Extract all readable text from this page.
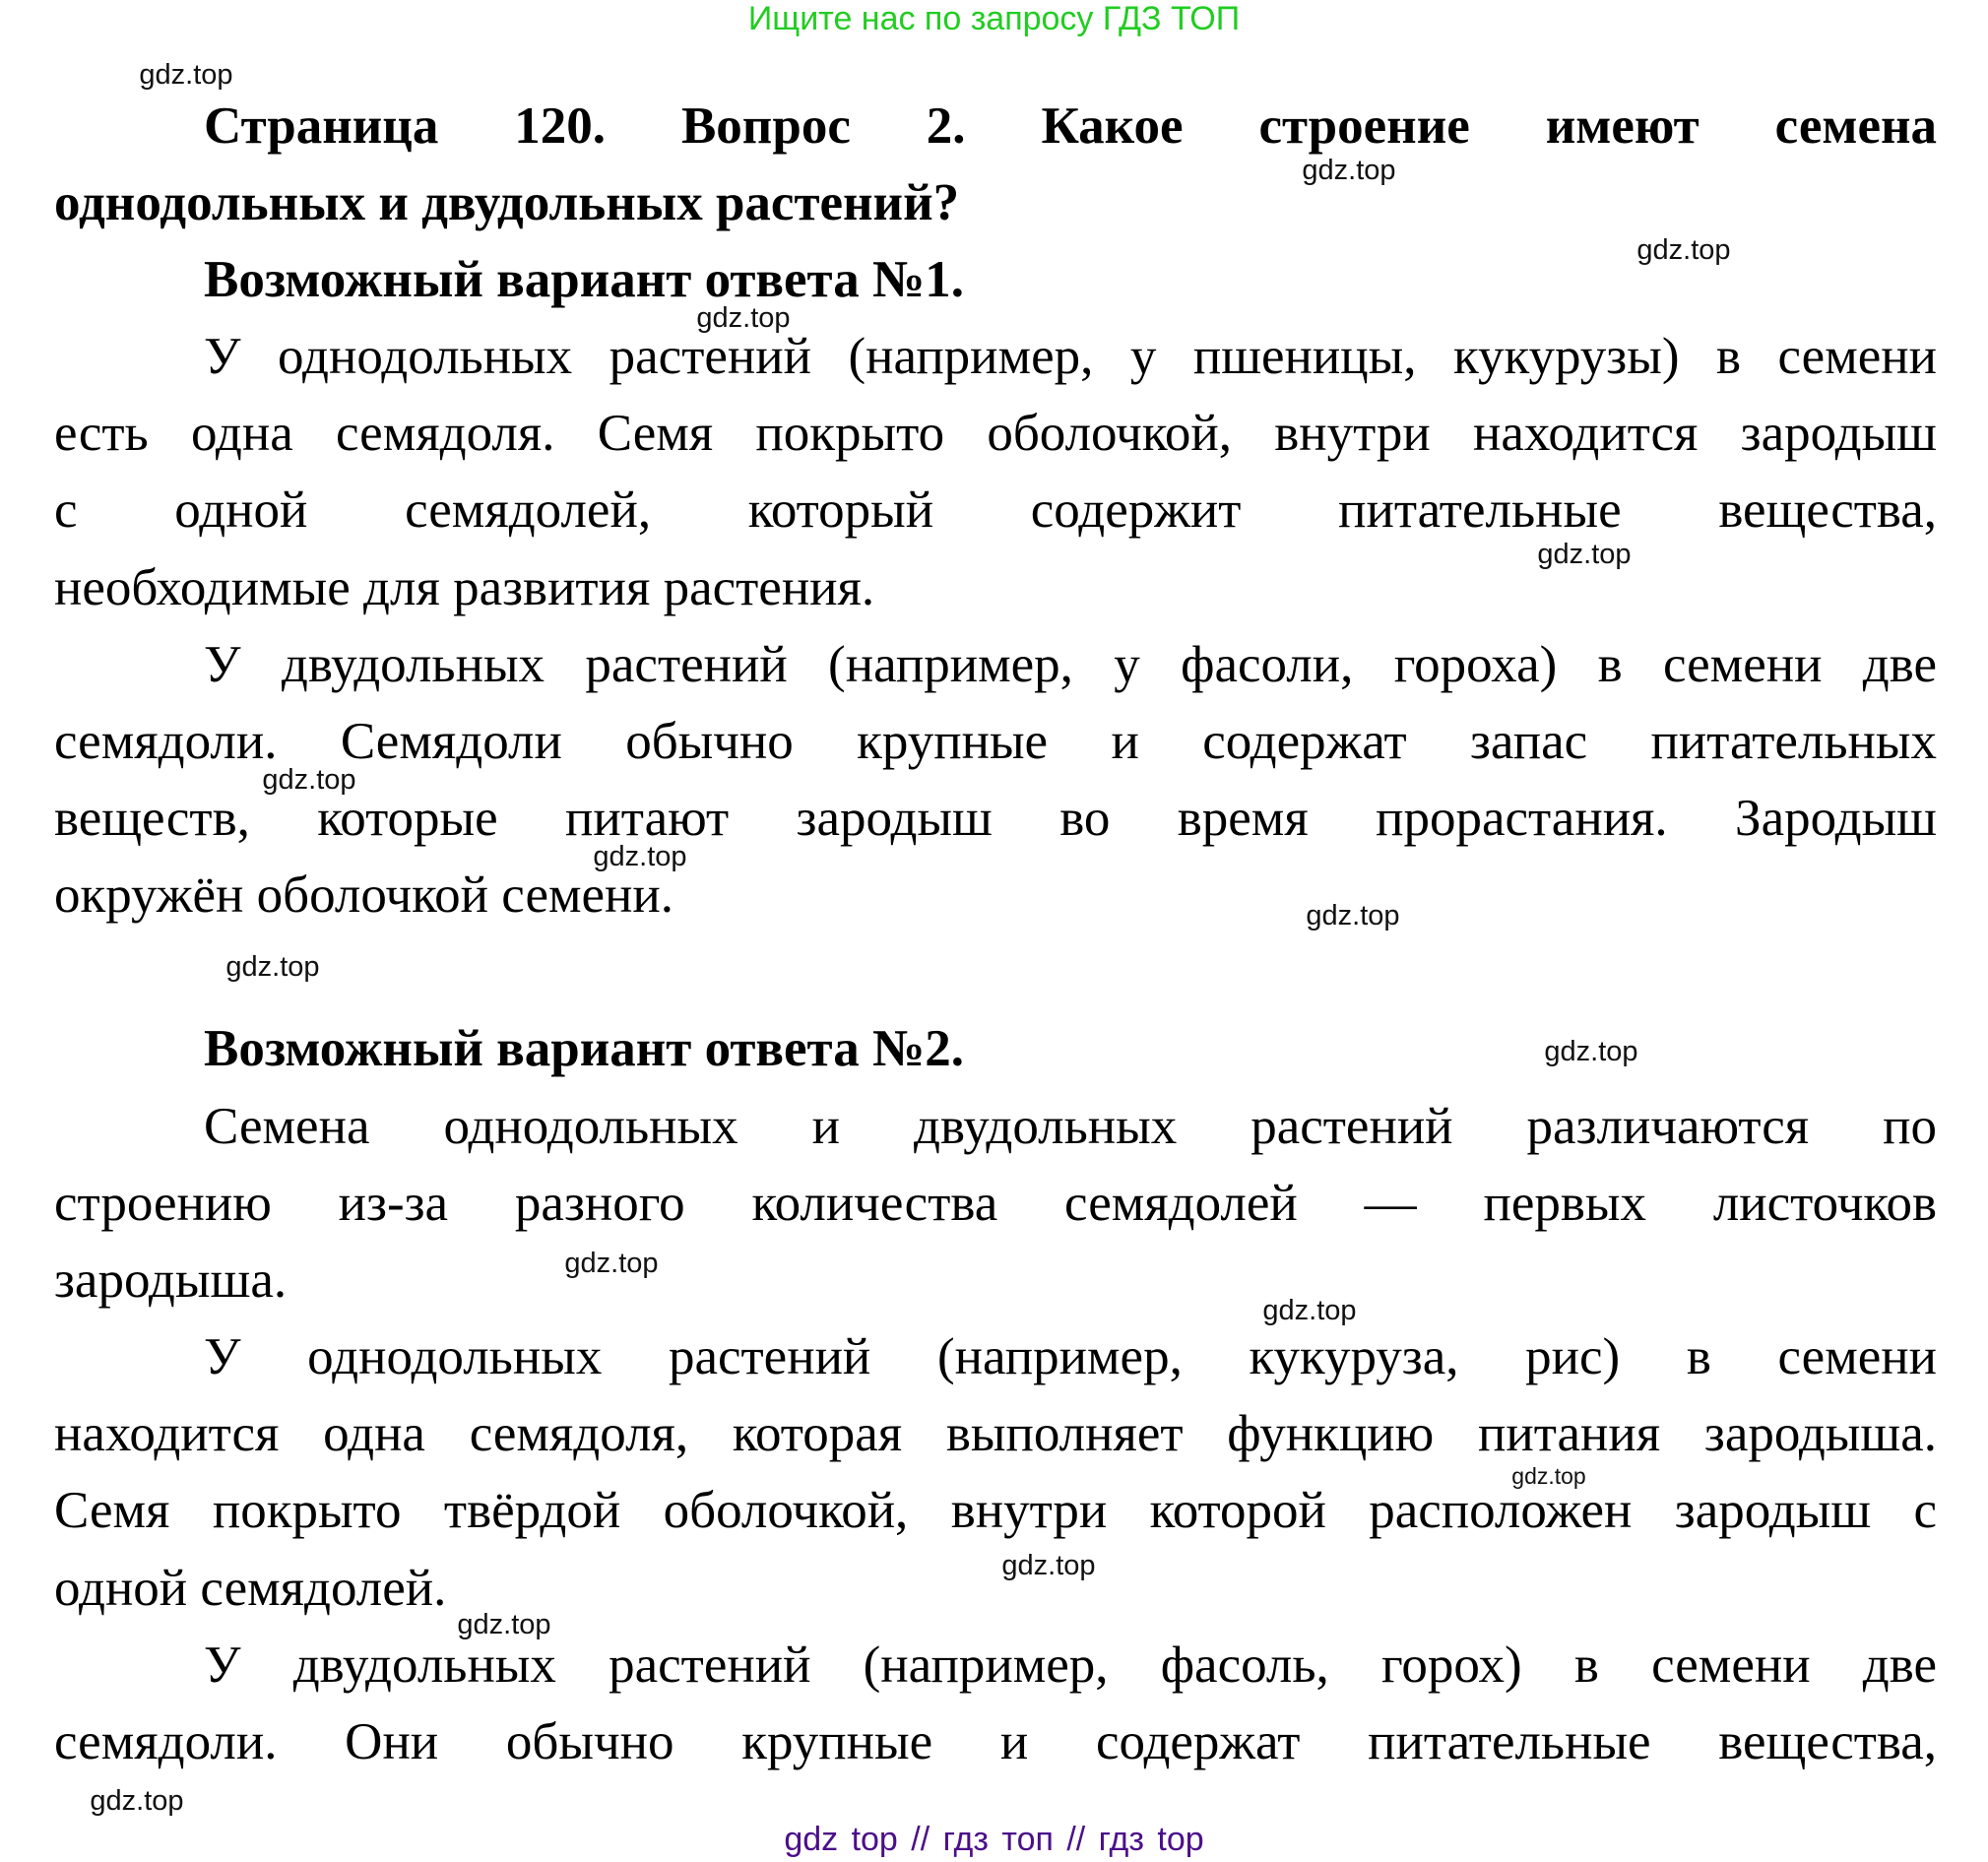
Ищите нас по запросу ГДЗ ТОП
Страница 120. Вопрос 2. Какое строение имеют семена
однодольных и двудольных растений?
Возможный вариант ответа №1.
У однодольных растений (например, у пшеницы, кукурузы) в семени
есть одна семядоля. Семя покрыто оболочкой, внутри находится зародыш
с одной семядолей, который содержит питательные вещества,
необходимые для развития растения.
У двудольных растений (например, у фасоли, гороха) в семени две
семядоли. Семядоли обычно крупные и содержат запас питательных
веществ, которые питают зародыш во время прорастания. Зародыш
окружён оболочкой семени.
Возможный вариант ответа №2.
Семена однодольных и двудольных растений различаются по
строению из-за разного количества семядолей — первых листочков
зародыша.
У однодольных растений (например, кукуруза, рис) в семени
находится одна семядоля, которая выполняет функцию питания зародыша.
Семя покрыто твёрдой оболочкой, внутри которой расположен зародыш с
одной семядолей.
У двудольных растений (например, фасоль, горох) в семени две
семядоли. Они обычно крупные и содержат питательные вещества,
gdz.top
gdz.top
gdz.top
gdz.top
gdz.top
gdz.top
gdz.top
gdz.top
gdz.top
gdz.top
gdz.top
gdz.top
gdz.top
gdz.top
gdz.top
gdz.top
gdz top // гдз топ // гдз top
